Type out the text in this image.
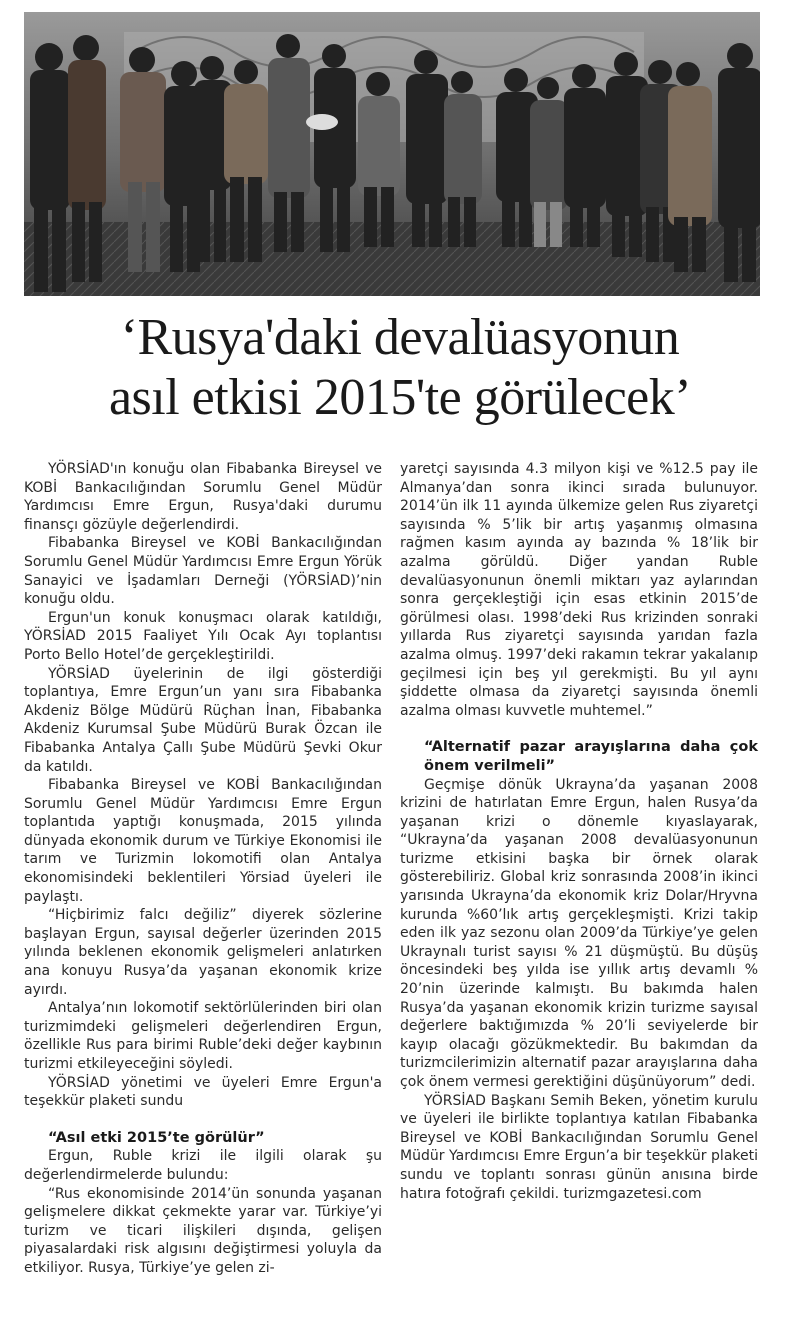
‘Rusya'daki devalüasyonun
asıl etkisi 2015'te görülecek’

YÖRSİAD'ın konuğu olan Fibabanka Bireysel ve KOBİ Bankacılığından Sorumlu Genel Müdür Yardımcısı Emre Ergun, Rusya'daki durumu finansçı gözüyle değerlendirdi.

Fibabanka Bireysel ve KOBİ Bankacılığından Sorumlu Genel Müdür Yardımcısı Emre Ergun Yörük Sanayici ve İşadamları Derneği (YÖRSİAD)’nin konuğu oldu.

Ergun'un konuk konuşmacı olarak katıldığı, YÖRSİAD 2015 Faaliyet Yılı Ocak Ayı toplantısı Porto Bello Hotel’de gerçekleştirildi.

YÖRSİAD üyelerinin de ilgi gösterdiği toplantıya, Emre Ergun’un yanı sıra Fibabanka Akdeniz Bölge Müdürü Rüçhan İnan, Fibabanka Akdeniz Kurumsal Şube Müdürü Burak Özcan ile Fibabanka Antalya Çallı Şube Müdürü Şevki Okur da katıldı.

Fibabanka Bireysel ve KOBİ Bankacılığından Sorumlu Genel Müdür Yardımcısı Emre Ergun toplantıda yaptığı konuşmada, 2015 yılında dünyada ekonomik durum ve Türkiye Ekonomisi ile tarım ve Turizmin lokomotifi olan Antalya ekonomisindeki beklentileri Yörsiad üyeleri ile paylaştı.

“Hiçbirimiz falcı değiliz” diyerek sözlerine başlayan Ergun, sayısal değerler üzerinden 2015 yılında beklenen ekonomik gelişmeleri anlatırken ana konuyu Rusya’da yaşanan ekonomik krize ayırdı.

Antalya’nın lokomotif sektörlülerinden biri olan turizmimdeki gelişmeleri değerlendiren Ergun, özellikle Rus para birimi Ruble’deki değer kaybının turizmi etkileyeceğini söyledi.

YÖRSİAD yönetimi ve üyeleri Emre Ergun'a teşekkür plaketi sundu

“Asıl etki 2015’te görülür”

Ergun, Ruble krizi ile ilgili olarak şu değerlendirmelerde bulundu:

“Rus ekonomisinde 2014’ün sonunda yaşanan gelişmelere dikkat çekmekte yarar var. Türkiye’yi turizm ve ticari ilişkileri dışında, gelişen piyasalardaki risk algısını değiştirmesi yoluyla da etkiliyor. Rusya, Türkiye’ye gelen zi-

yaretçi sayısında 4.3 milyon kişi ve %12.5 pay ile Almanya’dan sonra ikinci sırada bulunuyor. 2014’ün ilk 11 ayında ülkemize gelen Rus ziyaretçi sayısında % 5’lik bir artış yaşanmış olmasına rağmen kasım ayında ay bazında % 18’lik bir azalma görüldü. Diğer yandan Ruble devalüasyonunun önemli miktarı yaz aylarından sonra gerçekleştiği için esas etkinin 2015’de görülmesi olası. 1998’deki Rus krizinden sonraki yıllarda Rus ziyaretçi sayısında yarıdan fazla azalma olmuş. 1997’deki rakamın tekrar yakalanıp geçilmesi için beş yıl gerekmişti. Bu yıl aynı şiddette olmasa da ziyaretçi sayısında önemli azalma olması kuvvetle muhtemel.”

“Alternatif pazar arayışlarına daha çok önem verilmeli”

Geçmişe dönük Ukrayna’da yaşanan 2008 krizini de hatırlatan Emre Ergun, halen Rusya’da yaşanan krizi o dönemle kıyaslayarak, “Ukrayna’da yaşanan 2008 devalüasyonunun turizme etkisini başka bir örnek olarak gösterebiliriz. Global kriz sonrasında 2008’in ikinci yarısında Ukrayna’da ekonomik kriz Dolar/Hryvna kurunda %60’lık artış gerçekleşmişti. Krizi takip eden ilk yaz sezonu olan 2009’da Türkiye’ye gelen Ukraynalı turist sayısı % 21 düşmüştü. Bu düşüş öncesindeki beş yılda ise yıllık artış devamlı % 20’nin üzerinde kalmıştı. Bu bakımda halen Rusya’da yaşanan ekonomik krizin turizme sayısal değerlere baktığımızda % 20’li seviyelerde bir kayıp olacağı gözükmektedir. Bu bakımdan da turizmcilerimizin alternatif pazar arayışlarına daha çok önem vermesi gerektiğini düşünüyorum” dedi.

YÖRSİAD Başkanı Semih Beken, yönetim kurulu ve üyeleri ile birlikte toplantıya katılan Fibabanka Bireysel ve KOBİ Bankacılığından Sorumlu Genel Müdür Yardımcısı Emre Ergun’a bir teşekkür plaketi sundu ve toplantı sonrası günün anısına birde hatıra fotoğrafı çekildi. turizmgazetesi.com
